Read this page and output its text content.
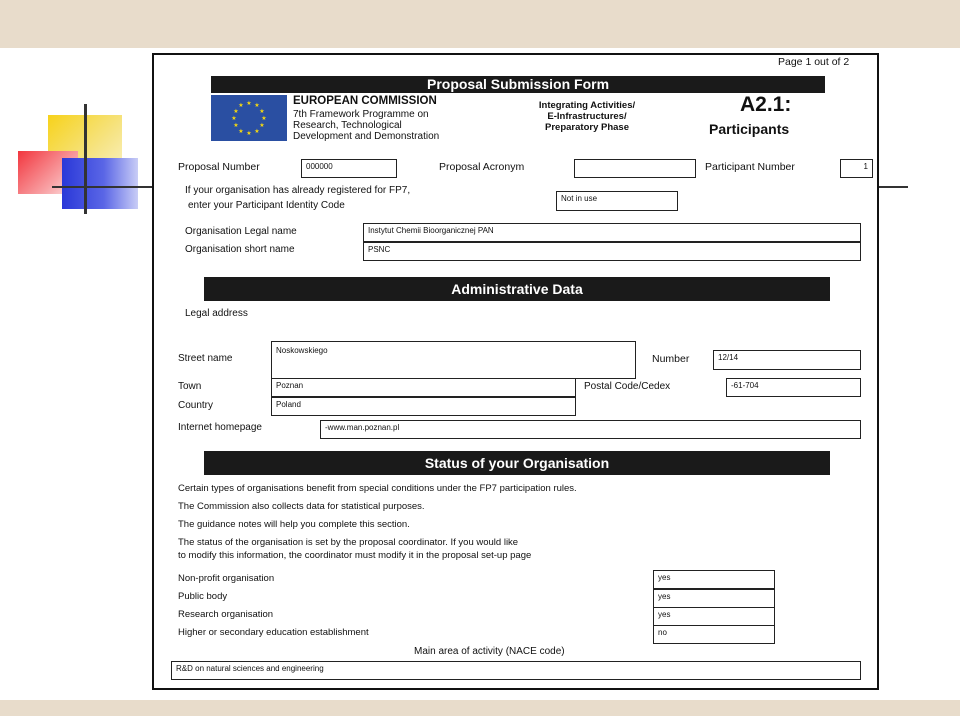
Page 1 out of 2
Proposal Submission Form
★ ★
★
★
★
★
★
★
★
★
★
★	EUROPEAN COMMISSION
7th Framework Programme on
Research, Technological
Development and Demonstration
Integrating Activities/
E-Infrastructures/
Preparatory Phase
A2.1:
Participants
Proposal Number	000000	Proposal Acronym	Participant Number	1
If your organisation has already registered for FP7,
enter your Participant Identity Code
Not in use
Organisation Legal name	Instytut Chemii Bioorganicznej PAN
Organisation short name	PSNC
Administrative Data
Legal address
Street name
Noskowskiego
Number	12/14
Town	Poznan	Postal Code/Cedex	-61-704
Country	Poland
Internet homepage	-www.man.poznan.pl
Status of your Organisation
Certain types of organisations benefit from special conditions under the FP7 participation rules.
The Commission also collects data for statistical purposes.
The guidance notes will help you complete this section.
The status of the organisation is set by the proposal coordinator. If you would like
to modify this information, the coordinator must modify it in the proposal set-up page
Non-profit organisation	yes
Public body	yes
Research organisation	yes
Higher or secondary education establishment	no
Main area of activity (NACE code)
R&D on natural sciences and engineering
